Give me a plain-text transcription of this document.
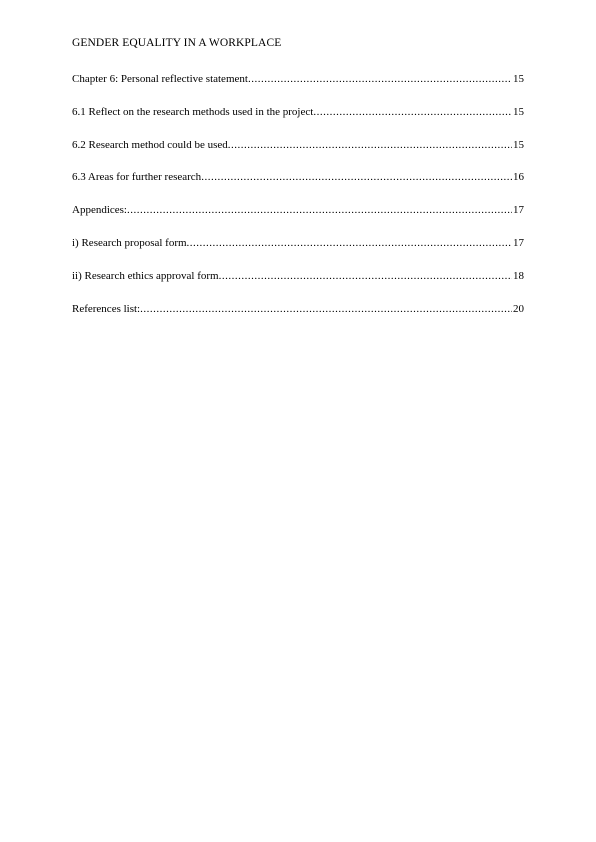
GENDER EQUALITY IN A WORKPLACE
Chapter 6: Personal reflective statement .....	15
6.1 Reflect on the research methods used in the project .....	15
6.2 Research method could be used .....	15
6.3 Areas for further research .....	16
Appendices: .....	17
i) Research proposal form .....	17
ii) Research ethics approval form .....	18
References list: .....	20
